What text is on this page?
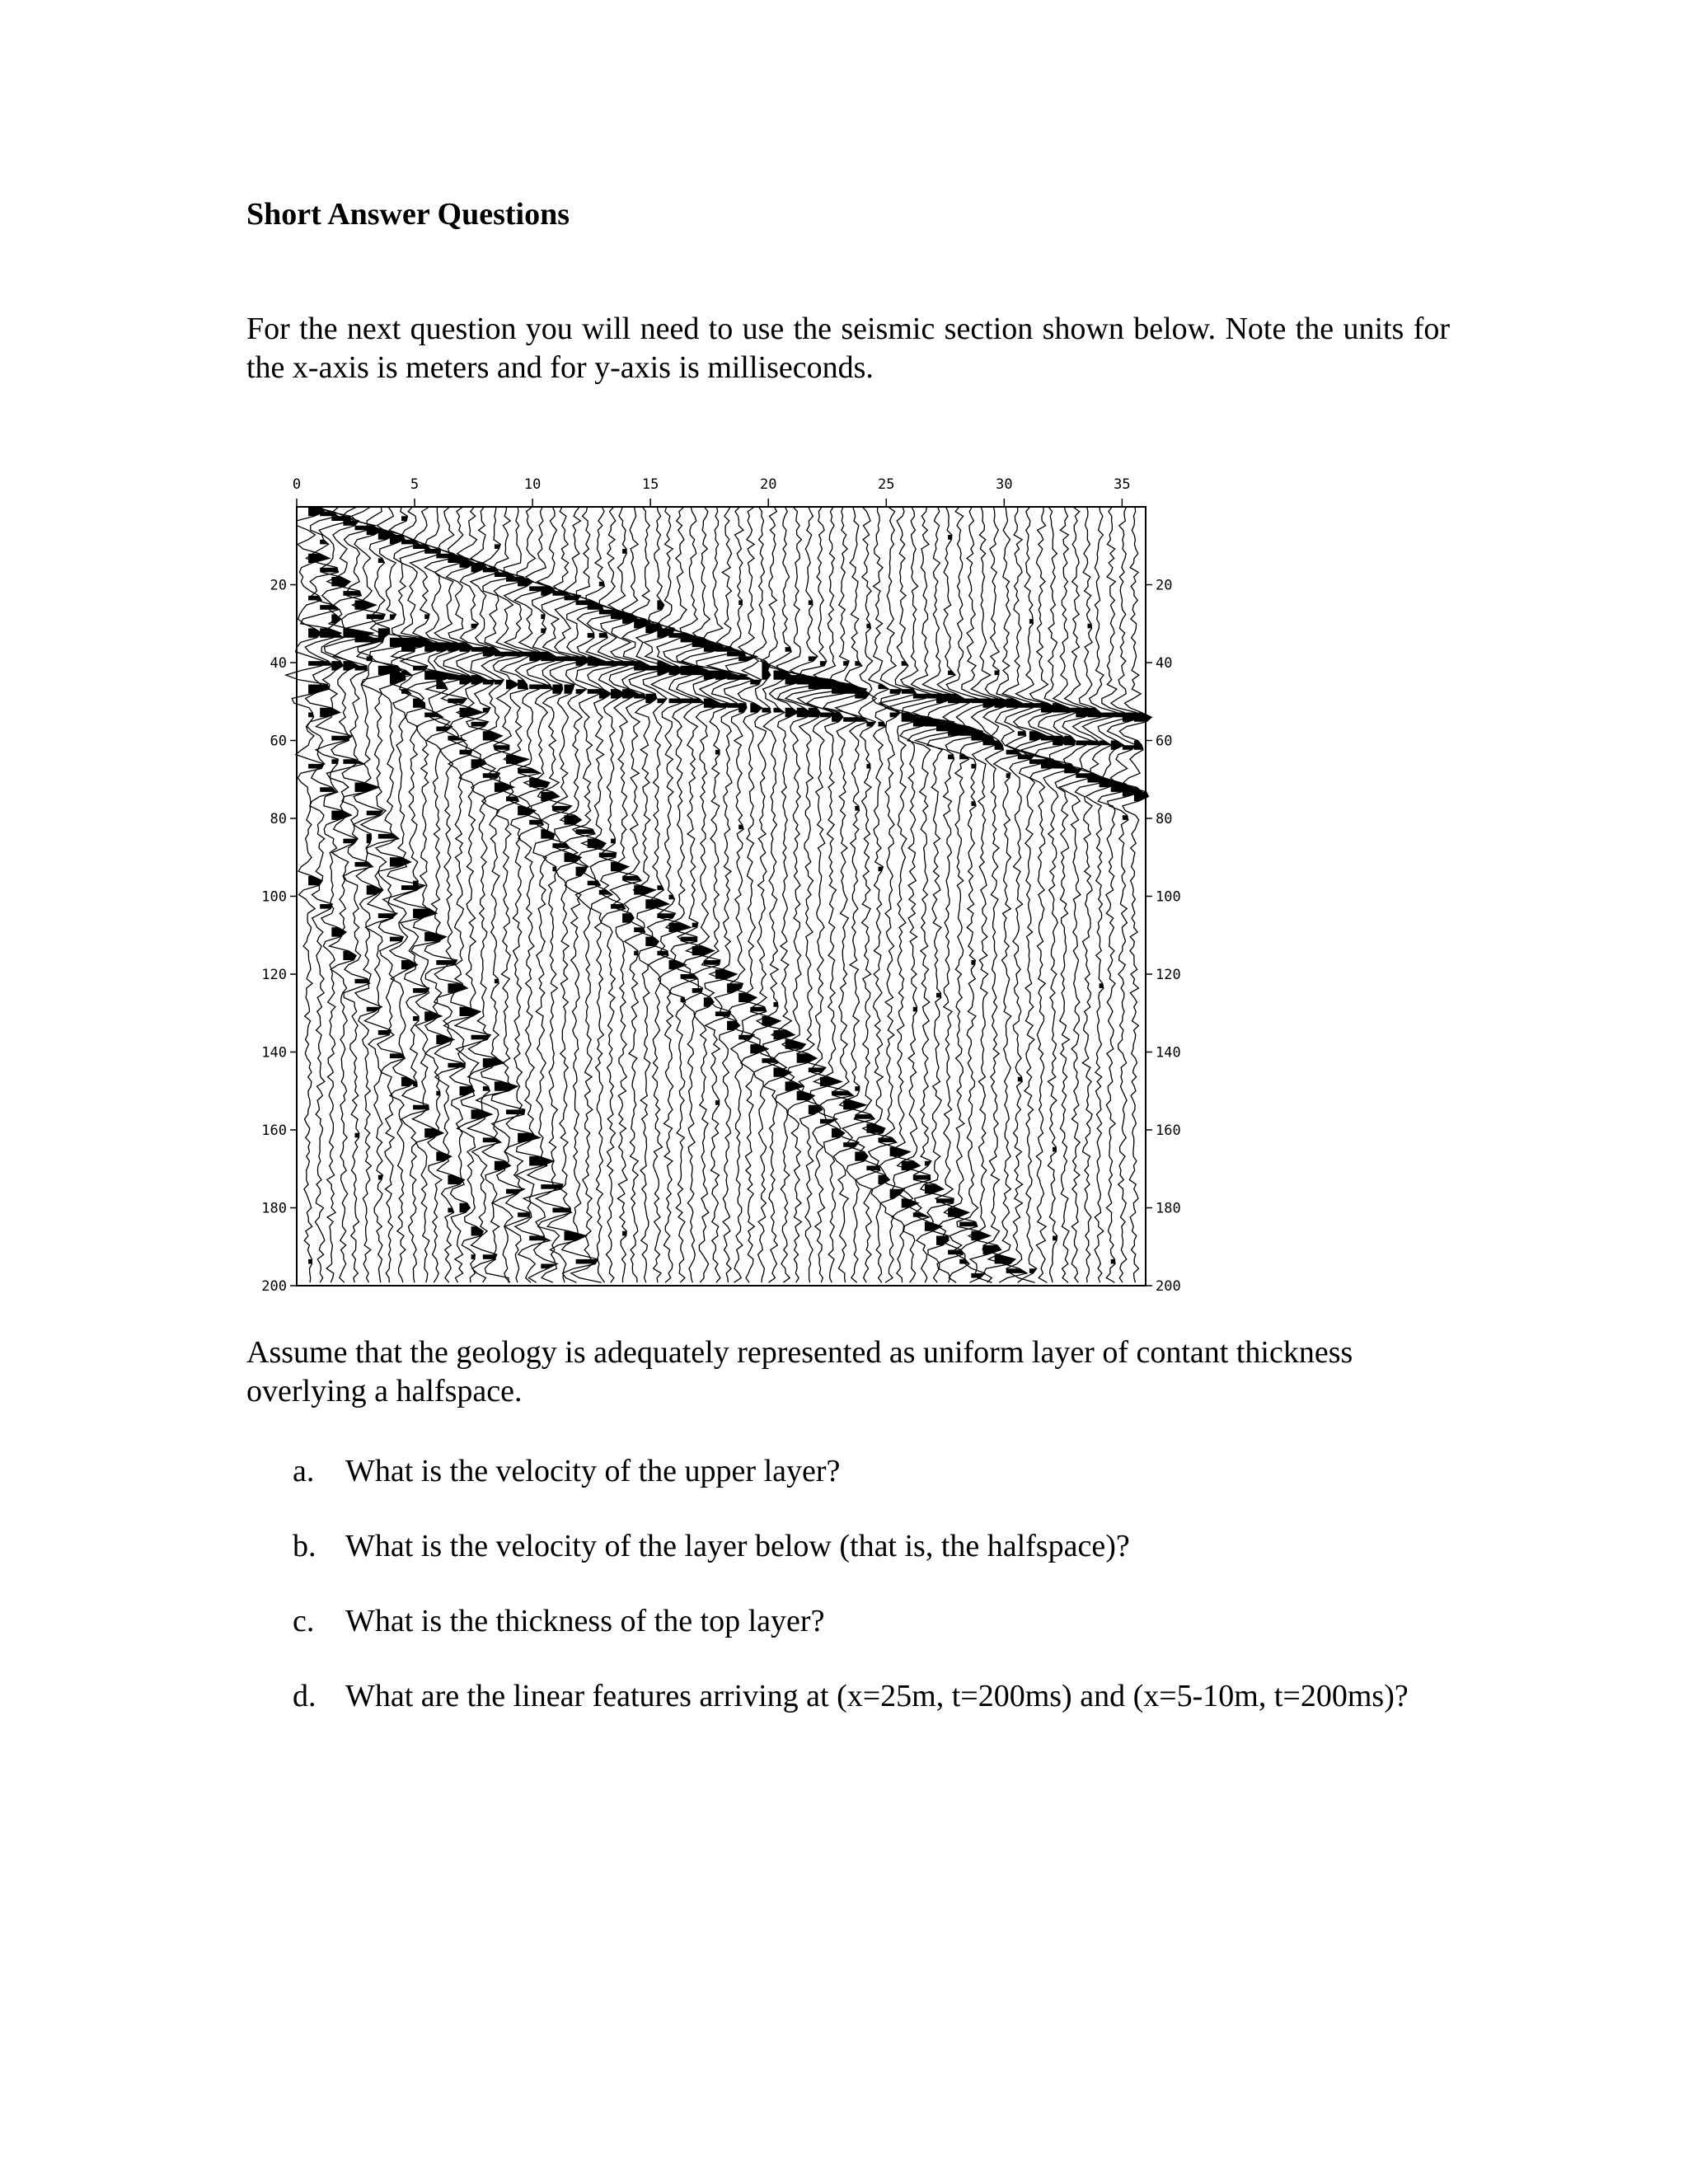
Short Answer Questions

For the next question you will need to use the seismic section shown below. Note the units for the x-axis is meters and for y-axis is milliseconds.

0	5	10	15	20	25	30	35
20
40
60
80
100
120
140
160
180
200
20
40
60
80
100
120
140
160
180
200

Assume that the geology is adequately represented as uniform layer of contant thickness overlying a halfspace.

a. What is the velocity of the upper layer?
b. What is the velocity of the layer below (that is, the halfspace)?
c. What is the thickness of the top layer?
d. What are the linear features arriving at (x=25m, t=200ms) and (x=5-10m, t=200ms)?
